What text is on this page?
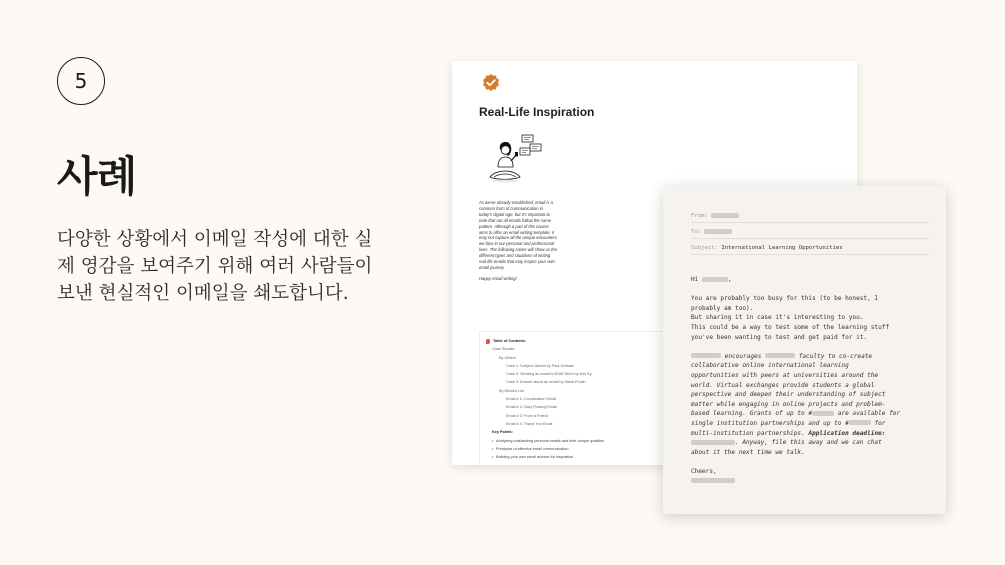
5
사례
다양한 상황에서 이메일 작성에 대한 실
제 영감을 보여주기 위해 여러 사람들이
보낸 현실적인 이메일을 쇄도합니다.
Real-Life Inspiration

As we've already established, email is a common form of communication in today's digital age, but it's important to note that not all emails follow the same pattern. Although a part of this course aims to offer an email writing template, it may not capture all the unique encounters we face in our personal and professional lives. The following cases will show us the different types and situations of writing real-life emails that may inspire your own email journey.

Happy email writing!

Table of Contents:
Case Studies
By Others
Case 1: Subject: Airbnb by Paul Graham
Case 2: Sending an email to $10K Work by Kris Ky
Case 3: A tweet about an email by Maria Poulin
By Monica Lim
Email # 1: Coordination Email
Email # 2: Gary Flowing Email
Email # 3: From a Friend
Email # 4: Thank You Email
Key Points:
• Analyzing outstanding personal emails and their unique qualities
• Principles of effective email communication
• Building your own email archive for inspiration
From:
To:
Subject: International Learning Opportunities
Hi	,
You are probably too busy for this (to be honest, I
probably am too).
But sharing it in case it's interesting to you.
This could be a way to test some of the learning stuff
you've been wanting to test and get paid for it.
encourages	faculty to co-create
collaborative online international learning
opportunities with peers at universities around the
world. Virtual exchanges provide students a global
perspective and deepen their understanding of subject
matter while engaging in online projects and problem-
based learning. Grants of up to #	are available for
single institution partnerships and up to #	for
multi-institution partnerships. Application deadline:
. Anyway, file this away and we can chat
about it the next time we talk.
Cheers,
